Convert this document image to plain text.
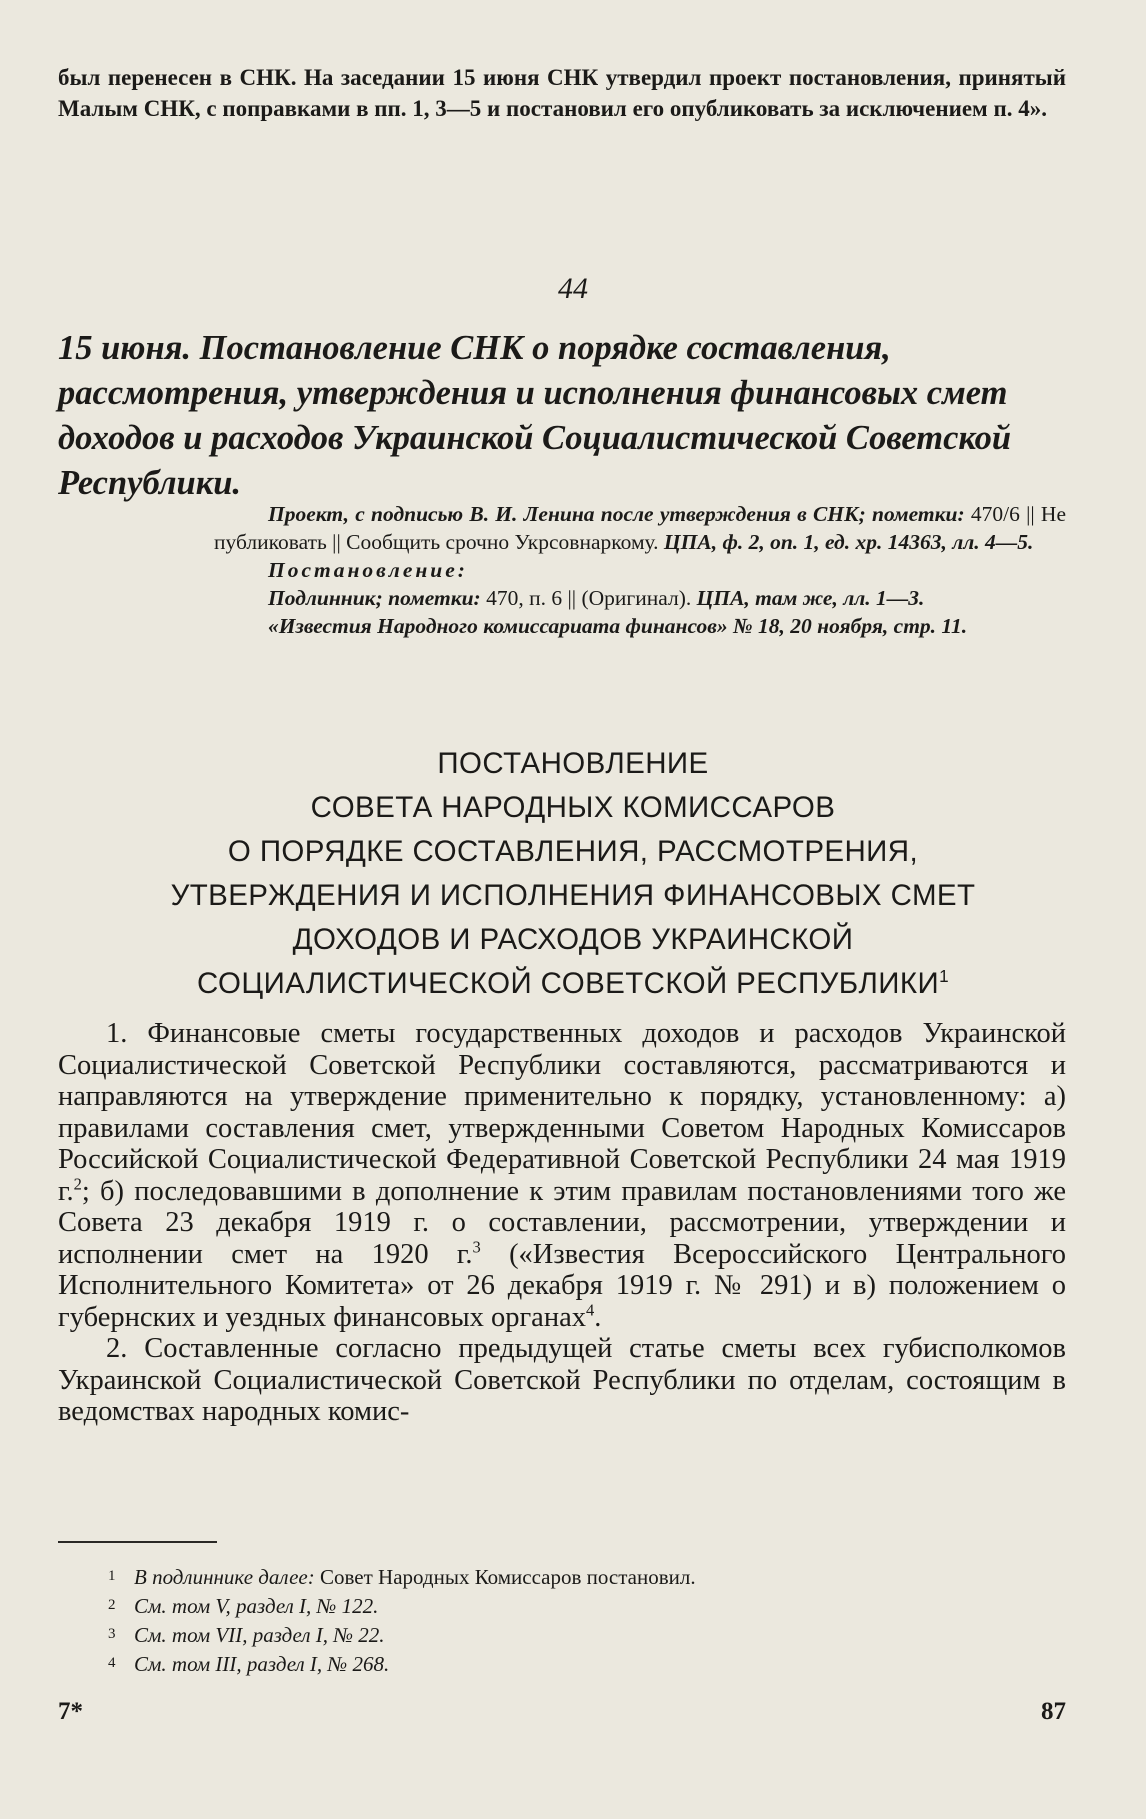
был перенесен в СНК. На заседании 15 июня СНК утвердил проект постановления, принятый Малым СНК, с поправками в пп. 1, 3—5 и постановил его опубликовать за исключением п. 4».
44
15 июня. Постановление СНК о порядке составления, рассмотрения, утверждения и исполнения финансовых смет доходов и расходов Украинской Социалистической Советской Республики.
Проект, с подписью В. И. Ленина после утверждения в СНК; пометки: 470/6 || Не публиковать || Сообщить срочно Укрсовнаркому. ЦПА, ф. 2, оп. 1, ед. хр. 14363, лл. 4—5.
Постановление:
Подлинник; пометки: 470, п. 6 || (Оригинал). ЦПА, там же, лл. 1—3.
«Известия Народного комиссариата финансов» № 18, 20 ноября, стр. 11.
ПОСТАНОВЛЕНИЕ
СОВЕТА НАРОДНЫХ КОМИССАРОВ
О ПОРЯДКЕ СОСТАВЛЕНИЯ, РАССМОТРЕНИЯ,
УТВЕРЖДЕНИЯ И ИСПОЛНЕНИЯ ФИНАНСОВЫХ СМЕТ
ДОХОДОВ И РАСХОДОВ УКРАИНСКОЙ
СОЦИАЛИСТИЧЕСКОЙ СОВЕТСКОЙ РЕСПУБЛИКИ$^1$

1. Финансовые сметы государственных доходов и расходов Украинской Социалистической Советской Республики составляются, рассматриваются и направляются на утверждение применительно к порядку, установленному: а) правилами составления смет, утвержденными Советом Народных Комиссаров Российской Социалистической Федеративной Советской Республики 24 мая 1919 г.$^2$; б) последовавшими в дополнение к этим правилам постановлениями того же Совета 23 декабря 1919 г. о составлении, рассмотрении, утверждении и исполнении смет на 1920 г.$^3$ («Известия Всероссийского Центрального Исполнительного Комитета» от 26 декабря 1919 г. № 291) и в) положением о губернских и уездных финансовых органах$^4$.

2. Составленные согласно предыдущей статье сметы всех губисполкомов Украинской Социалистической Советской Республики по отделам, состоящим в ведомствах народных комис-

1 В подлиннике далее: Совет Народных Комиссаров постановил.
2 См. том V, раздел I, № 122.
3 См. том VII, раздел I, № 22.
4 См. том III, раздел I, № 268.
7*	87
